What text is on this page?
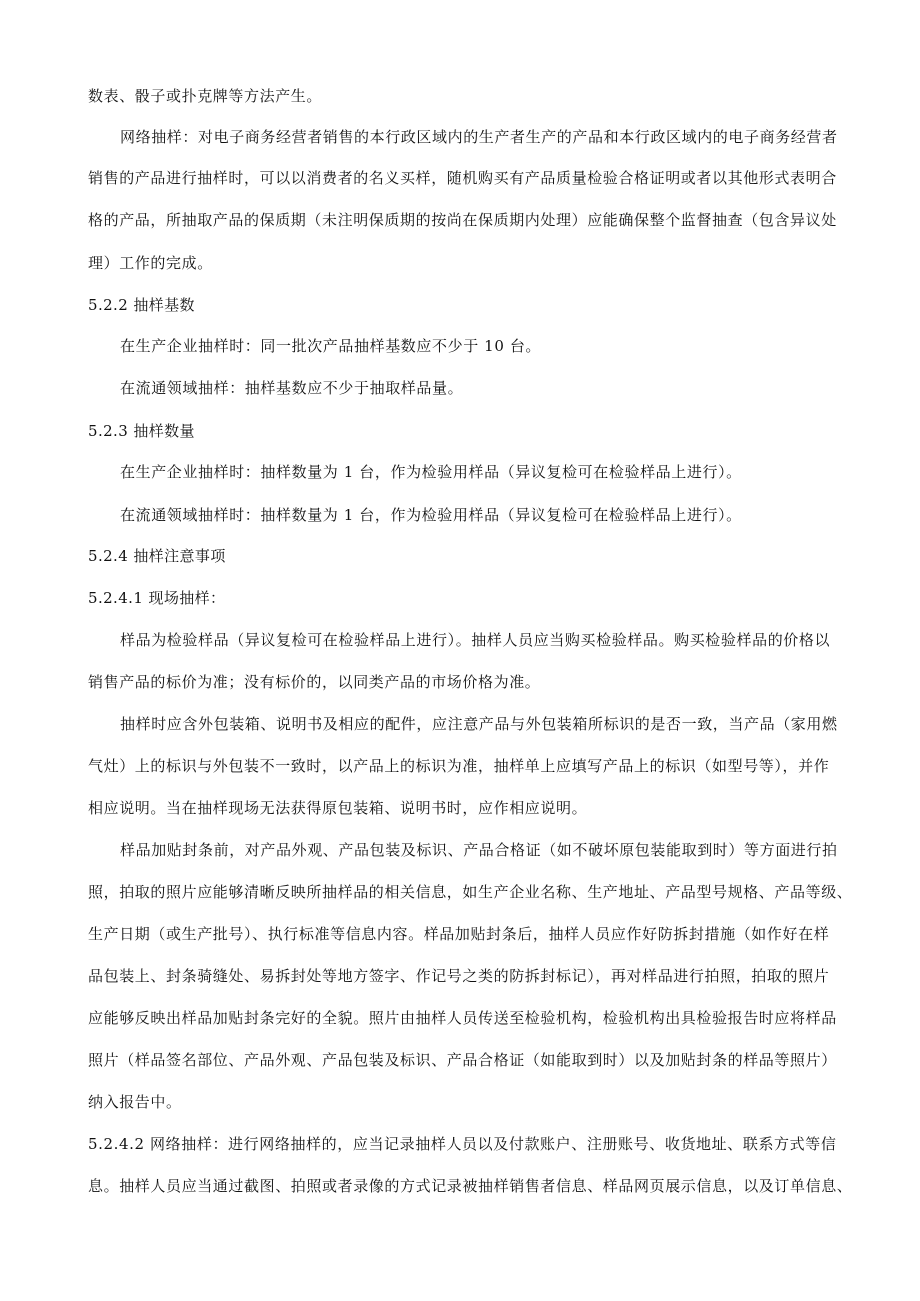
数表、骰子或扑克牌等方法产生。
网络抽样：对电子商务经营者销售的本行政区域内的生产者生产的产品和本行政区域内的电子商务经营者
销售的产品进行抽样时，可以以消费者的名义买样，随机购买有产品质量检验合格证明或者以其他形式表明合
格的产品，所抽取产品的保质期（未注明保质期的按尚在保质期内处理）应能确保整个监督抽查（包含异议处
理）工作的完成。
5.2.2 抽样基数
在生产企业抽样时：同一批次产品抽样基数应不少于 10 台。
在流通领域抽样：抽样基数应不少于抽取样品量。
5.2.3 抽样数量
在生产企业抽样时：抽样数量为 1 台，作为检验用样品（异议复检可在检验样品上进行）。
在流通领域抽样时：抽样数量为 1 台，作为检验用样品（异议复检可在检验样品上进行）。
5.2.4 抽样注意事项
5.2.4.1 现场抽样：
样品为检验样品（异议复检可在检验样品上进行）。抽样人员应当购买检验样品。购买检验样品的价格以
销售产品的标价为准；没有标价的，以同类产品的市场价格为准。
抽样时应含外包装箱、说明书及相应的配件，应注意产品与外包装箱所标识的是否一致，当产品（家用燃
气灶）上的标识与外包装不一致时，以产品上的标识为准，抽样单上应填写产品上的标识（如型号等），并作
相应说明。当在抽样现场无法获得原包装箱、说明书时，应作相应说明。
样品加贴封条前，对产品外观、产品包装及标识、产品合格证（如不破坏原包装能取到时）等方面进行拍
照，拍取的照片应能够清晰反映所抽样品的相关信息，如生产企业名称、生产地址、产品型号规格、产品等级、
生产日期（或生产批号）、执行标准等信息内容。样品加贴封条后，抽样人员应作好防拆封措施（如作好在样
品包装上、封条骑缝处、易拆封处等地方签字、作记号之类的防拆封标记），再对样品进行拍照，拍取的照片
应能够反映出样品加贴封条完好的全貌。照片由抽样人员传送至检验机构，检验机构出具检验报告时应将样品
照片（样品签名部位、产品外观、产品包装及标识、产品合格证（如能取到时）以及加贴封条的样品等照片）
纳入报告中。
5.2.4.2 网络抽样：进行网络抽样的，应当记录抽样人员以及付款账户、注册账号、收货地址、联系方式等信
息。抽样人员应当通过截图、拍照或者录像的方式记录被抽样销售者信息、样品网页展示信息，以及订单信息、
